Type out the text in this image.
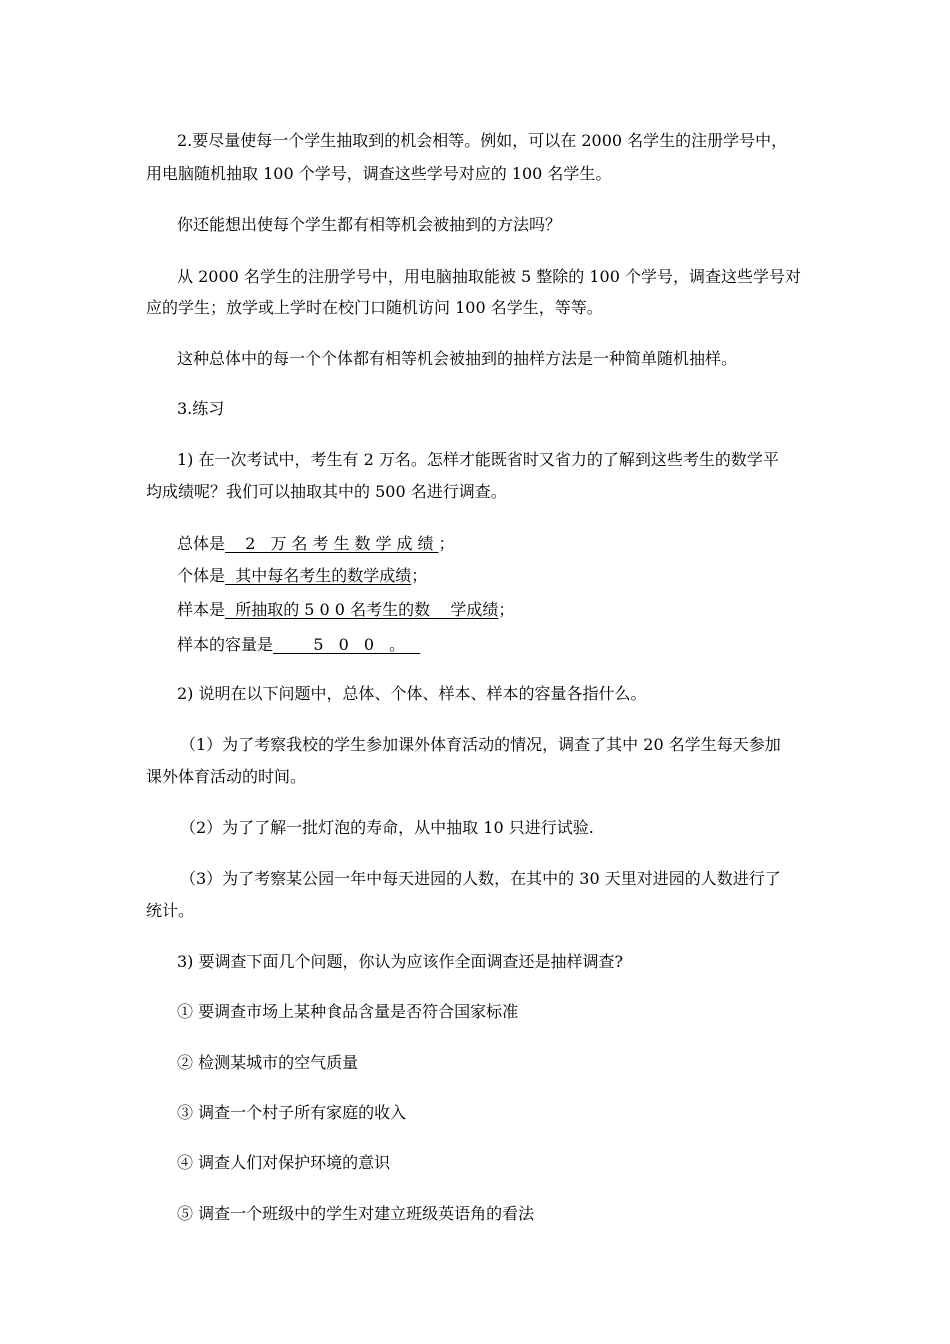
2.要尽量使每一个学生抽取到的机会相等。例如，可以在 2000 名学生的注册学号中，
用电脑随机抽取 100 个学号，调查这些学号对应的 100 名学生。
你还能想出使每个学生都有相等机会被抽到的方法吗？
从 2000 名学生的注册学号中，用电脑抽取能被 5 整除的 100 个学号，调查这些学号对
应的学生；放学或上学时在校门口随机访问 100 名学生，等等。
这种总体中的每一个个体都有相等机会被抽到的抽样方法是一种简单随机抽样。
3.练习
1) 在一次考试中，考生有 2 万名。怎样才能既省时又省力的了解到这些考生的数学平
均成绩呢？我们可以抽取其中的 500 名进行调查。
总体是  2 万名考生数学成绩；
个体是  其中每名考生的数学成绩；
样本是  所抽取的 5 0 0 名考生的数    学成绩；
样本的容量是    5 0 0 。
2) 说明在以下问题中，总体、个体、样本、样本的容量各指什么。
（1）为了考察我校的学生参加课外体育活动的情况，调查了其中 20 名学生每天参加
课外体育活动的时间。
（2）为了了解一批灯泡的寿命，从中抽取 10 只进行试验.
（3）为了考察某公园一年中每天进园的人数，在其中的 30 天里对进园的人数进行了
统计。
3) 要调查下面几个问题，你认为应该作全面调查还是抽样调查?
① 要调查市场上某种食品含量是否符合国家标准
② 检测某城市的空气质量
③ 调查一个村子所有家庭的收入
④ 调查人们对保护环境的意识
⑤ 调查一个班级中的学生对建立班级英语角的看法
